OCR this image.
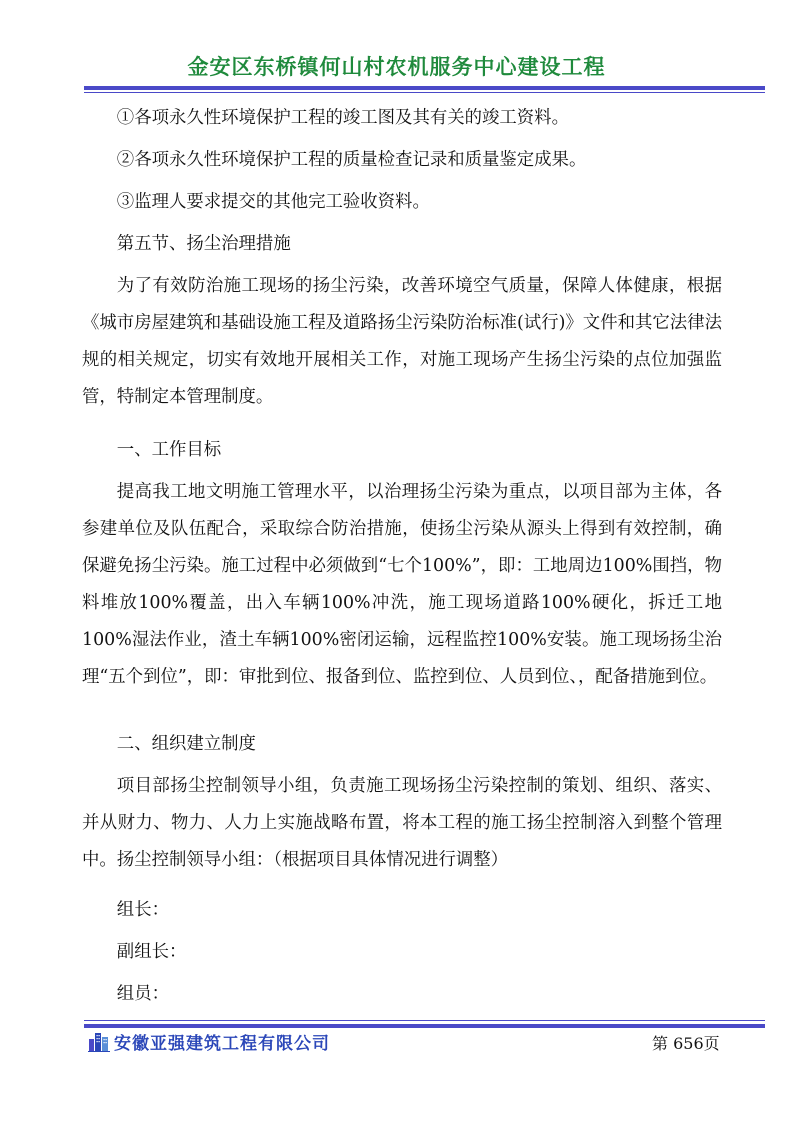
金安区东桥镇何山村农机服务中心建设工程
①各项永久性环境保护工程的竣工图及其有关的竣工资料。
②各项永久性环境保护工程的质量检查记录和质量鉴定成果。
③监理人要求提交的其他完工验收资料。
第五节、扬尘治理措施
为了有效防治施工现场的扬尘污染，改善环境空气质量，保障人体健康，根据《城市房屋建筑和基础设施工程及道路扬尘污染防治标准(试行)》文件和其它法律法规的相关规定，切实有效地开展相关工作，对施工现场产生扬尘污染的点位加强监管，特制定本管理制度。
一、工作目标
提高我工地文明施工管理水平，以治理扬尘污染为重点，以项目部为主体，各参建单位及队伍配合，采取综合防治措施，使扬尘污染从源头上得到有效控制，确保避免扬尘污染。施工过程中必须做到“七个100%”，即：工地周边100%围挡，物料堆放100%覆盖，出入车辆100%冲洗，施工现场道路100%硬化，拆迁工地100%湿法作业，渣土车辆100%密闭运输，远程监控100%安装。施工现场扬尘治理“五个到位”，即：审批到位、报备到位、监控到位、人员到位、，配备措施到位。
二、组织建立制度
项目部扬尘控制领导小组，负责施工现场扬尘污染控制的策划、组织、落实、并从财力、物力、人力上实施战略布置，将本工程的施工扬尘控制溶入到整个管理中。扬尘控制领导小组：（根据项目具体情况进行调整）
组长：
副组长：
组员：
安徽亚强建筑工程有限公司	第 656页
